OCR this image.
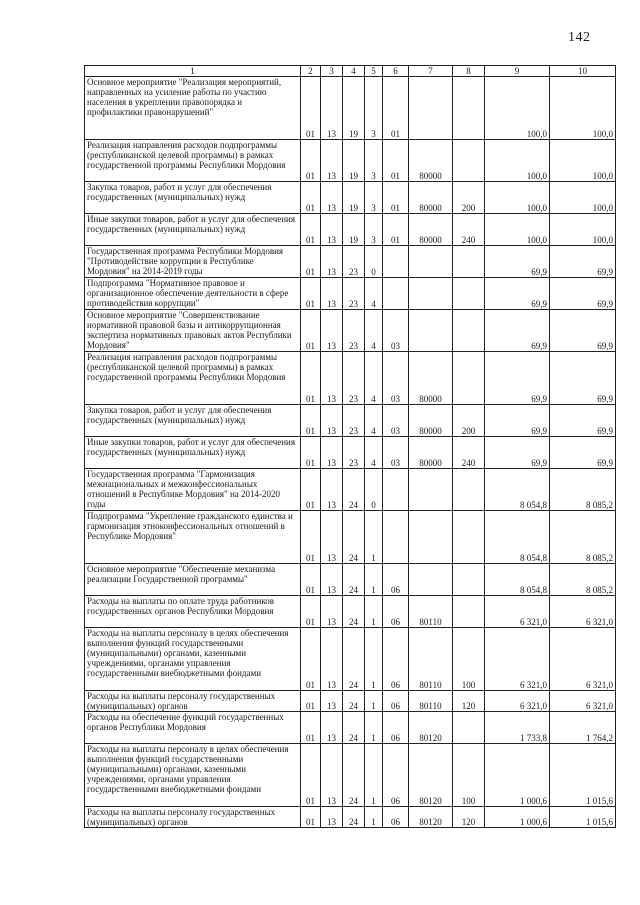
142
1	2	3	4	5	6	7	8	9	10
Основное мероприятие "Реализация мероприятий, направленных на усиление работы по участию населения в укреплении правопорядка и профилактики правонарушений"	01	13	19	3	01			100,0	100,0
Реализация направления расходов подпрограммы (республиканской целевой программы) в рамках государственной программы Республики Мордовия	01	13	19	3	01	80000		100,0	100,0
Закупка товаров, работ и услуг для обеспечения государственных (муниципальных) нужд	01	13	19	3	01	80000	200	100,0	100,0
Иные закупки товаров, работ и услуг для обеспечения государственных (муниципальных) нужд	01	13	19	3	01	80000	240	100,0	100,0
Государственная программа Республики Мордовия "Противодействие коррупции в Республике Мордовия" на 2014-2019 годы	01	13	23	0				69,9	69,9
Подпрограмма "Нормативное правовое и организационное обеспечение деятельности в сфере противодействия коррупции"	01	13	23	4				69,9	69,9
Основное мероприятие "Совершенствование нормативной правовой базы и антикоррупционная экспертиза нормативных правовых актов Республики Мордовия"	01	13	23	4	03			69,9	69,9
Реализация направления расходов подпрограммы (республиканской целевой программы) в рамках государственной программы Республики Мордовия	01	13	23	4	03	80000		69,9	69,9
Закупка товаров, работ и услуг для обеспечения государственных (муниципальных) нужд	01	13	23	4	03	80000	200	69,9	69,9
Иные закупки товаров, работ и услуг для обеспечения государственных (муниципальных) нужд	01	13	23	4	03	80000	240	69,9	69,9
Государственная программа "Гармонизация межнациональных и межконфессиональных отношений в Республике Мордовия" на 2014-2020 годы	01	13	24	0				8 054,8	8 085,2
Подпрограмма "Укрепление гражданского единства и гармонизация этноконфессиональных отношений в Республике Мордовия"	01	13	24	1				8 054,8	8 085,2
Основное мероприятие "Обеспечение механизма реализации Государственной программы"	01	13	24	1	06			8 054,8	8 085,2
Расходы на выплаты по оплате труда работников государственных органов Республики Мордовия	01	13	24	1	06	80110		6 321,0	6 321,0
Расходы на выплаты персоналу в целях обеспечения выполнения функций государственными (муниципальными) органами, казенными учреждениями, органами управления государственными внебюджетными фондами	01	13	24	1	06	80110	100	6 321,0	6 321,0
Расходы на выплаты персоналу государственных (муниципальных) органов	01	13	24	1	06	80110	120	6 321,0	6 321,0
Расходы на обеспечение функций государственных органов Республики Мордовия	01	13	24	1	06	80120		1 733,8	1 764,2
Расходы на выплаты персоналу в целях обеспечения выполнения функций государственными (муниципальными) органами, казенными учреждениями, органами управления государственными внебюджетными фондами	01	13	24	1	06	80120	100	1 000,6	1 015,6
Расходы на выплаты персоналу государственных (муниципальных) органов	01	13	24	1	06	80120	120	1 000,6	1 015,6
